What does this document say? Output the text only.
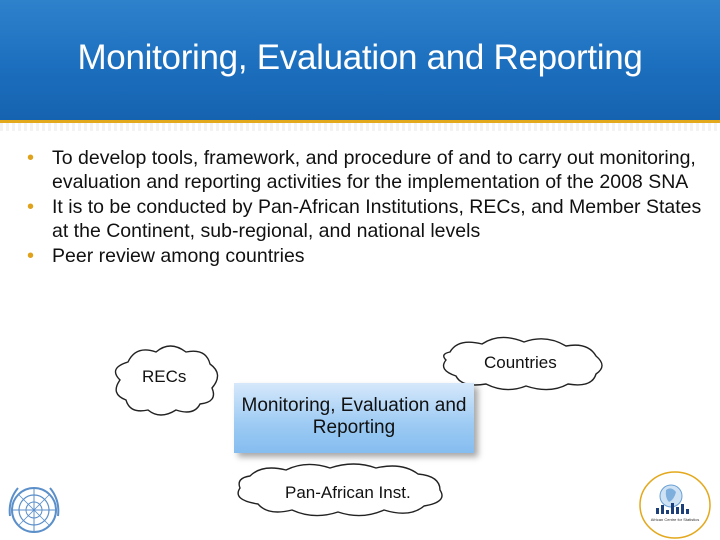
Monitoring, Evaluation and Reporting
• To develop tools, framework, and procedure of and to carry out monitoring, evaluation and reporting activities for the implementation of the 2008 SNA
• It is to be conducted by Pan-African Institutions, RECs, and Member States at the Continent, sub-regional, and national levels
• Peer review among countries
RECs
Countries
Pan-African Inst.
Monitoring, Evaluation and Reporting
African Centre for Statistics
